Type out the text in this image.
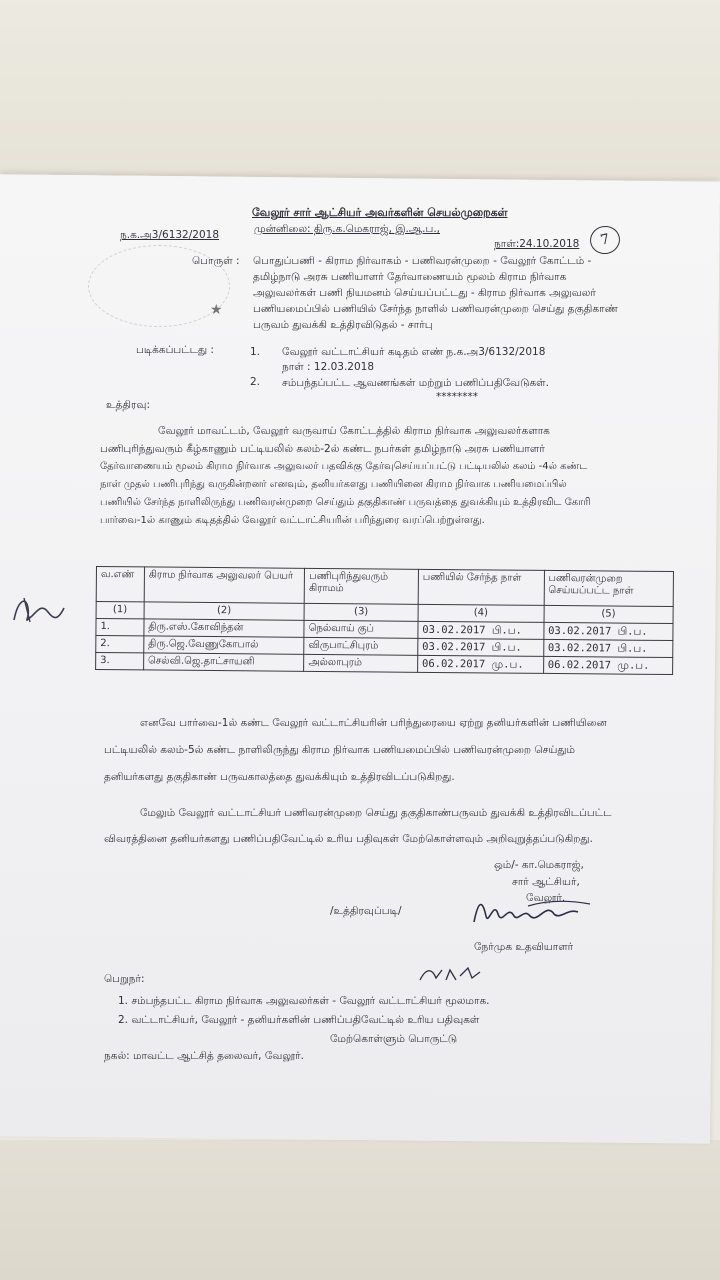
வேலூர் சார் ஆட்சியர் அவர்களின் செயல்முறைகள்
முன்னிலை: திரு.க.மெகராஜ், இ.ஆ.ப.,
ந.க.அ3/6132/2018
நாள்:24.10.2018	7
★
பொருள் : பொதுப்பணி - கிராம நிர்வாகம் - பணிவரன்முறை - வேலூர் கோட்டம் -
தமிழ்நாடு அரசு பணியாளர் தேர்வாணையம் மூலம் கிராம நிர்வாக
அலுவலர்கள் பணி நியமனம் செய்யப்பட்டது - கிராம நிர்வாக அலுவலர்
பணியமைப்பில் பணியில் சேர்ந்த நாளில் பணிவரன்முறை செய்து தகுதிகாண்
பருவம் துவக்கி உத்திரவிடுதல் - சார்பு
படிக்கப்பட்டது :	1. வேலூர் வட்டாட்சியர் கடிதம் எண் ந.க.அ3/6132/2018
நாள் : 12.03.2018
2. சம்பந்தப்பட்ட ஆவணங்கள் மற்றும் பணிப்பதிவேடுகள்.
********
உத்திரவு:
வேலூர் மாவட்டம், வேலூர் வருவாய் கோட்டத்தில் கிராம நிர்வாக அலுவலர்களாக
பணிபுரிந்துவரும் கீழ்காணும் பட்டியலில் கலம்-2ல் கண்ட நபர்கள் தமிழ்நாடு அரசு பணியாளர்
தேர்வாணையம் மூலம் கிராம நிர்வாக அலுவலர் பதவிக்கு தேர்வுசெய்யப்பட்டு பட்டியலில் கலம் -4ல் கண்ட
நாள் முதல் பணிபுரிந்து வருகின்றனர் எனவும், தனியர்களது பணியினை கிராம நிர்வாக பணியமைப்பில்
பணியில் சேர்ந்த நாளிலிருந்து பணிவரன்முறை செய்தும் தகுதிகாண் பருவத்தை துவக்கியும் உத்திரவிட கோரி
பார்வை-1ல் காணும் கடிதத்தில் வேலூர் வட்டாட்சியரின் பரிந்துரை வரப்பெற்றுள்ளது.
வ.எண்	கிராம நிர்வாக அலுவலர் பெயர்	பணிபுரிந்துவரும் கிராமம்	பணியில் சேர்ந்த நாள்	பணிவரன்முறை செய்யப்பட்ட நாள்
(1)	(2)	(3)	(4)	(5)
1.	திரு.எஸ்.கோவிந்தன்	நெல்வாய் குப்	03.02.2017 பி.ப.	03.02.2017 பி.ப.
2.	திரு.ஜெ.வேணுகோபால்	விருபாட்சிபுரம்	03.02.2017 பி.ப.	03.02.2017 பி.ப.
3.	செல்வி.ஜெ.தாட்சாயனி	அல்லாபுரம்	06.02.2017 மு.ப.	06.02.2017 மு.ப.
எனவே பார்வை-1ல் கண்ட வேலூர் வட்டாட்சியரின் பரிந்துரையை ஏற்று தனியர்களின் பணியினை
பட்டியலில் கலம்-5ல் கண்ட நாளிலிருந்து கிராம நிர்வாக பணியமைப்பில் பணிவரன்முறை செய்தும்
தனியர்களது தகுதிகாண் பருவகாலத்தை துவக்கியும் உத்திரவிடப்படுகிறது.
மேலும் வேலூர் வட்டாட்சியர் பணிவரன்முறை செய்து தகுதிகாண்பருவம் துவக்கி உத்திரவிடப்பட்ட
விவரத்தினை தனியர்களது பணிப்பதிவேட்டில் உரிய பதிவுகள் மேற்கொள்ளவும் அறிவுறுத்தப்படுகிறது.
ஒம்/- கா.மெகராஜ்,
சார் ஆட்சியர்,
வேலூர்.
/உத்திரவுப்படி/
நேர்முக உதவியாளர்
பெறுநர்:
1. சம்பந்தபட்ட கிராம நிர்வாக அலுவலர்கள் - வேலூர் வட்டாட்சியர் மூலமாக.
2. வட்டாட்சியர், வேலூர் - தனியர்களின் பணிப்பதிவேட்டில் உரிய பதிவுகள்
மேற்கொள்ளும் பொருட்டு
நகல்: மாவட்ட ஆட்சித் தலைவர், வேலூர்.
